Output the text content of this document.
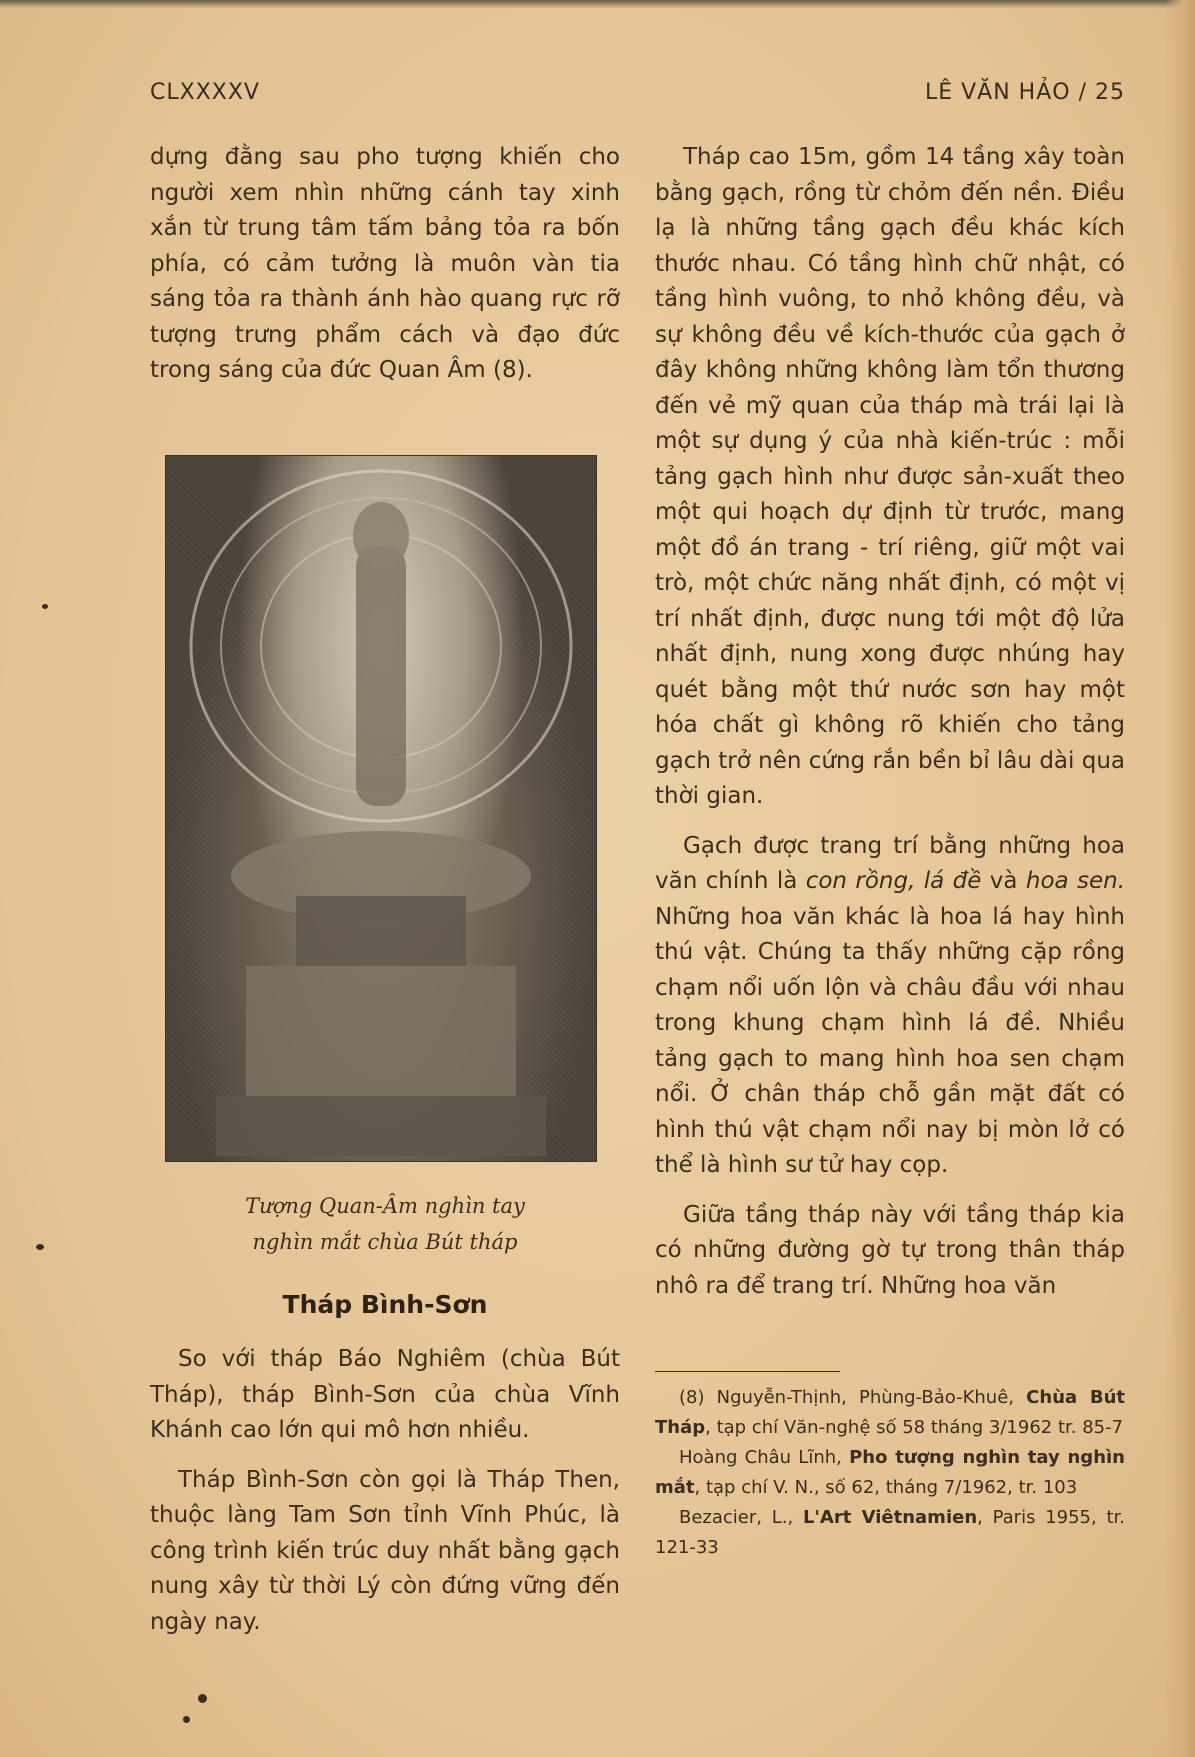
CLXXXXV	LÊ VĂN HẢO / 25

dựng đằng sau pho tượng khiến cho người xem nhìn những cánh tay xinh xắn từ trung tâm tấm bảng tỏa ra bốn phía, có cảm tưởng là muôn vàn tia sáng tỏa ra thành ánh hào quang rực rỡ tượng trưng phẩm cách và đạo đức trong sáng của đức Quan Âm (8).

Tượng Quan-Âm nghìn tay
nghìn mắt chùa Bút tháp
Tháp Bình-Sơn

So với tháp Báo Nghiêm (chùa Bút Tháp), tháp Bình-Sơn của chùa Vĩnh Khánh cao lớn qui mô hơn nhiều.

Tháp Bình-Sơn còn gọi là Tháp Then, thuộc làng Tam Sơn tỉnh Vĩnh Phúc, là công trình kiến trúc duy nhất bằng gạch nung xây từ thời Lý còn đứng vững đến ngày nay.

Tháp cao 15m, gồm 14 tầng xây toàn bằng gạch, rồng từ chỏm đến nền. Điều lạ là những tầng gạch đều khác kích thước nhau. Có tầng hình chữ nhật, có tầng hình vuông, to nhỏ không đều, và sự không đều về kích-thước của gạch ở đây không những không làm tổn thương đến vẻ mỹ quan của tháp mà trái lại là một sự dụng ý của nhà kiến-trúc : mỗi tảng gạch hình như được sản-xuất theo một qui hoạch dự định từ trước, mang một đồ án trang - trí riêng, giữ một vai trò, một chức năng nhất định, có một vị trí nhất định, được nung tới một độ lửa nhất định, nung xong được nhúng hay quét bằng một thứ nước sơn hay một hóa chất gì không rõ khiến cho tảng gạch trở nên cứng rắn bền bỉ lâu dài qua thời gian.

Gạch được trang trí bằng những hoa văn chính là con rồng, lá đề và hoa sen. Những hoa văn khác là hoa lá hay hình thú vật. Chúng ta thấy những cặp rồng chạm nổi uốn lộn và châu đầu với nhau trong khung chạm hình lá đề. Nhiều tảng gạch to mang hình hoa sen chạm nổi. Ở chân tháp chỗ gần mặt đất có hình thú vật chạm nổi nay bị mòn lở có thể là hình sư tử hay cọp.

Giữa tầng tháp này với tầng tháp kia có những đường gờ tự trong thân tháp nhô ra để trang trí. Những hoa văn

(8) Nguyễn-Thịnh, Phùng-Bảo-Khuê, Chùa Bút Tháp, tạp chí Văn-nghệ số 58 tháng 3/1962 tr. 85-7

Hoàng Châu Lĩnh, Pho tượng nghìn tay nghìn mắt, tạp chí V. N., số 62, tháng 7/1962, tr. 103

Bezacier, L., L'Art Viêtnamien, Paris 1955, tr. 121-33
